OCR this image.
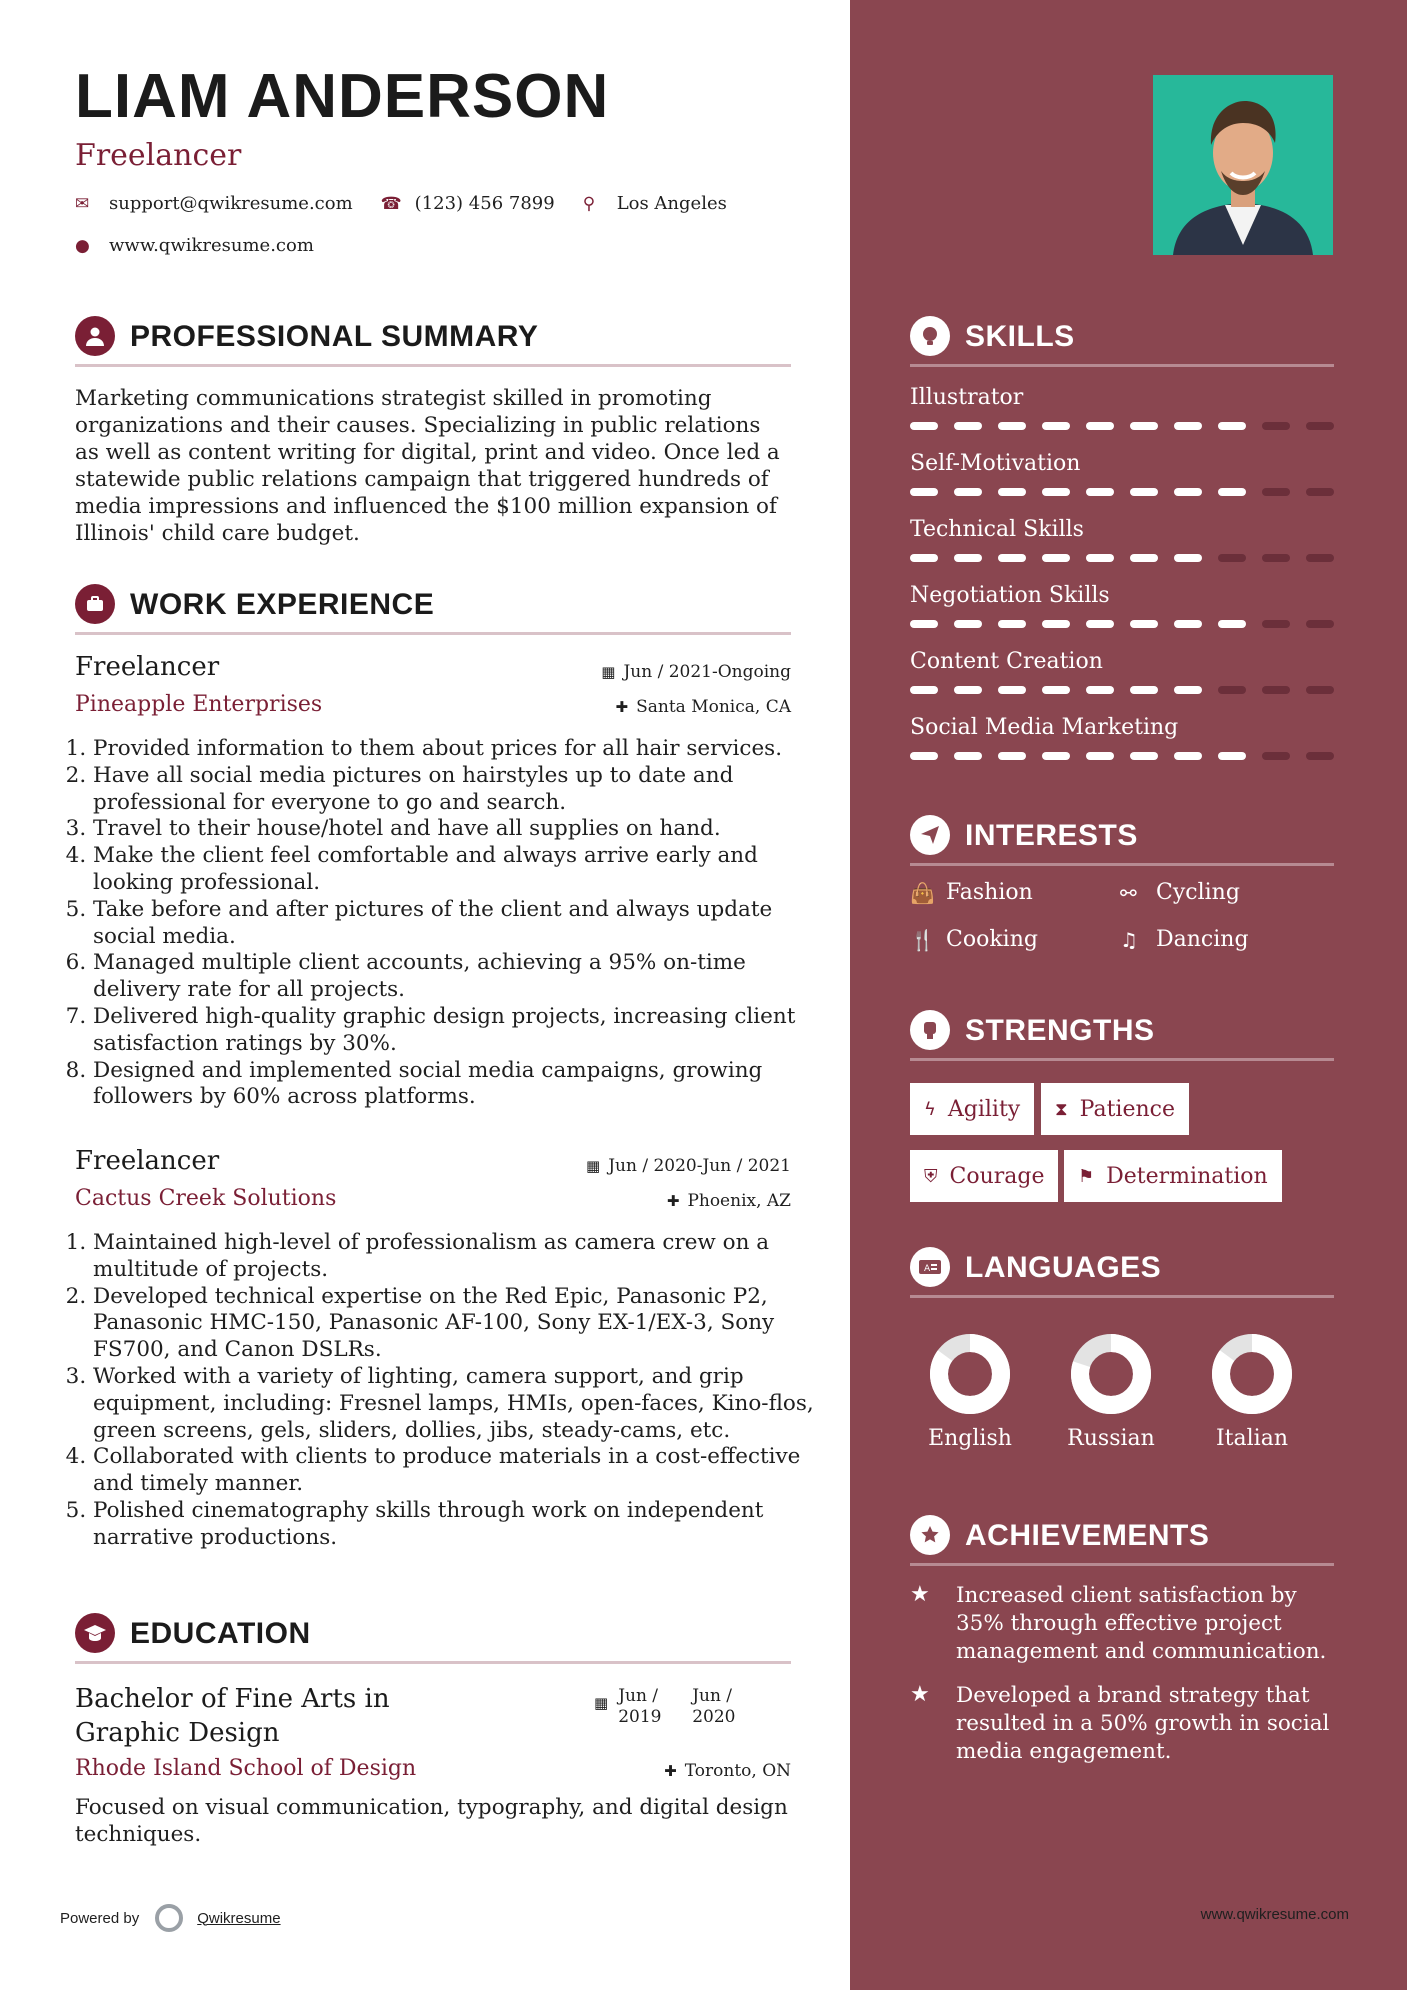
LIAM ANDERSON
Freelancer
✉	support@qwikresume.com ☎ (123) 456 7899 ⚲	Los Angeles
●	www.qwikresume.com
PROFESSIONAL SUMMARY
Marketing communications strategist skilled in promoting organizations and their causes. Specializing in public relations as well as content writing for digital, print and video. Once led a statewide public relations campaign that triggered hundreds of media impressions and influenced the $100 million expansion of Illinois' child care budget.
WORK EXPERIENCE
Freelancer	▦ Jun / 2021-Ongoing
Pineapple Enterprises	✚ Santa Monica, CA
1. Provided information to them about prices for all hair services.
2. Have all social media pictures on hairstyles up to date and professional for everyone to go and search.
3. Travel to their house/hotel and have all supplies on hand.
4. Make the client feel comfortable and always arrive early and looking professional.
5. Take before and after pictures of the client and always update social media.
6. Managed multiple client accounts, achieving a 95% on-time delivery rate for all projects.
7. Delivered high-quality graphic design projects, increasing client satisfaction ratings by 30%.
8. Designed and implemented social media campaigns, growing followers by 60% across platforms.
Freelancer	▦ Jun / 2020-Jun / 2021
Cactus Creek Solutions	✚ Phoenix, AZ
1. Maintained high-level of professionalism as camera crew on a multitude of projects.
2. Developed technical expertise on the Red Epic, Panasonic P2, Panasonic HMC-150, Panasonic AF-100, Sony EX-1/EX-3, Sony FS700, and Canon DSLRs.
3. Worked with a variety of lighting, camera support, and grip equipment, including: Fresnel lamps, HMIs, open-faces, Kino-flos, green screens, gels, sliders, dollies, jibs, steady-cams, etc.
4. Collaborated with clients to produce materials in a cost-effective and timely manner.
5. Polished cinematography skills through work on independent narrative productions.
EDUCATION
Bachelor of Fine Arts in Graphic Design
▦ Jun / 2019
Jun / 2020
Rhode Island School of Design	✚ Toronto, ON
Focused on visual communication, typography, and digital design techniques.
Powered by	Qwikresume
SKILLS
Illustrator
Self-Motivation
Technical Skills
Negotiation Skills
Content Creation
Social Media Marketing
INTERESTS
👜 Fashion	⚯ Cycling
🍴 Cooking	♫ Dancing
STRENGTHS
ϟ Agility ⧗ Patience
⛨ Courage ⚑ Determination
A LANGUAGES
English	Russian	Italian
ACHIEVEMENTS
★	Increased client satisfaction by 35% through effective project management and communication.
★	Developed a brand strategy that resulted in a 50% growth in social media engagement.
www.qwikresume.com
